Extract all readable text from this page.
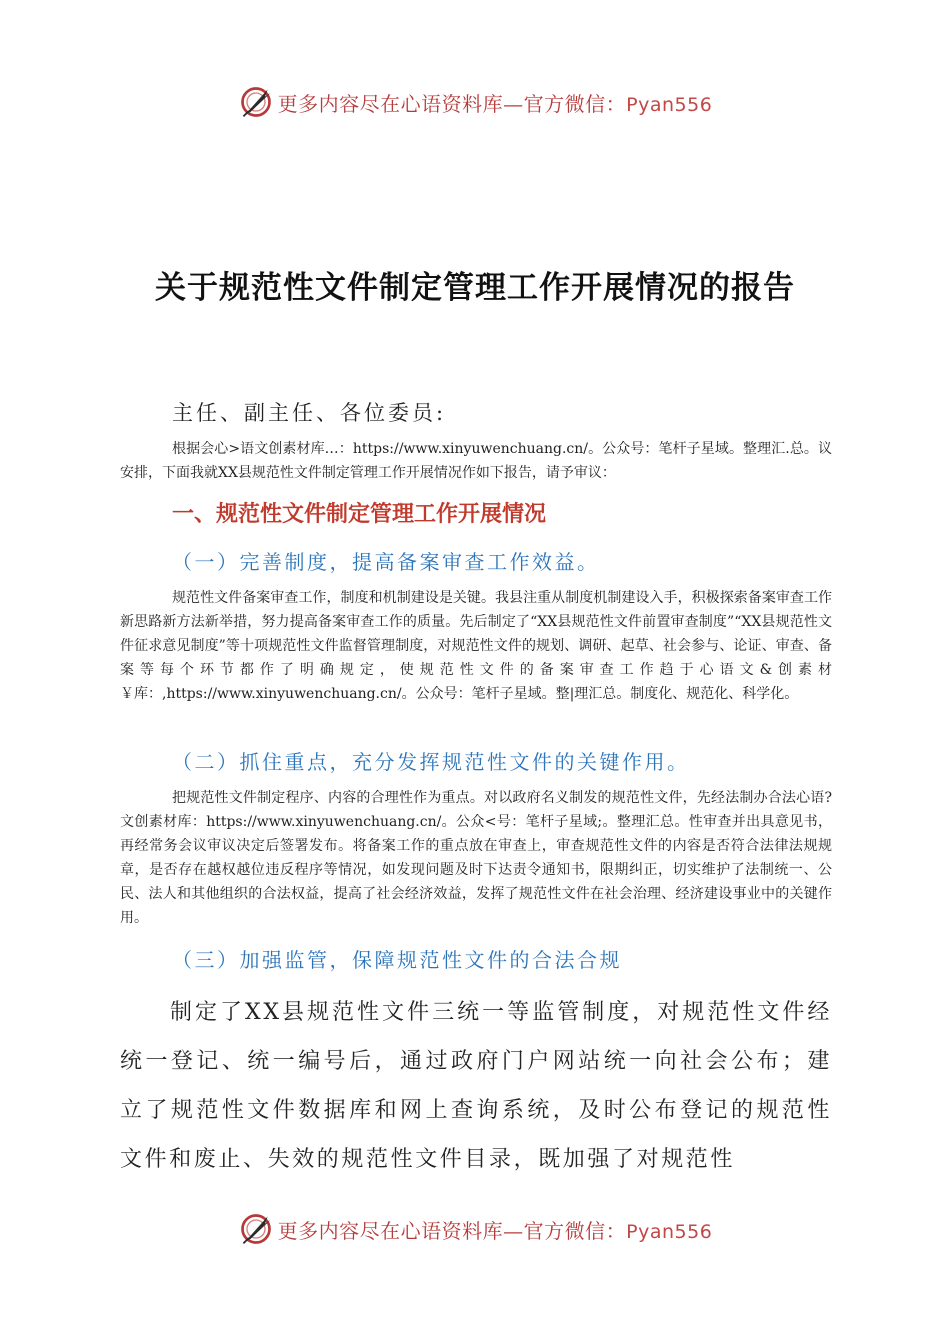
更多内容尽在心语资料库—官方微信：Pyan556
关于规范性文件制定管理工作开展情况的报告
主任、副主任、各位委员:
根据会心>语文创素材库…：https://www.xinyuwenchuang.cn/。公众号：笔杆子星域。整理汇.总。议安排，下面我就XX县规范性文件制定管理工作开展情况作如下报告，请予审议：
一、规范性文件制定管理工作开展情况
（一）完善制度，提高备案审查工作效益。
规范性文件备案审查工作，制度和机制建设是关键。我县注重从制度机制建设入手，积极探索备案审查工作新思路新方法新举措，努力提高备案审查工作的质量。先后制定了“XX县规范性文件前置审查制度”“XX县规范性文件征求意见制度”等十项规范性文件监督管理制度，对规范性文件的规划、调研、起草、社会参与、论证、审查、备案等每个环节都作了明确规定，使规范性文件的备案审查工作趋于心语文&创素材￥库：,https://www.xinyuwenchuang.cn/。公众号：笔杆子星域。整|理汇总。制度化、规范化、科学化。
（二）抓住重点，充分发挥规范性文件的关键作用。
把规范性文件制定程序、内容的合理性作为重点。对以政府名义制发的规范性文件，先经法制办合法心语?文创素材库：https://www.xinyuwenchuang.cn/。公众<号：笔杆子星域;。整理汇总。性审查并出具意见书，再经常务会议审议决定后签署发布。将备案工作的重点放在审查上，审查规范性文件的内容是否符合法律法规规章，是否存在越权越位违反程序等情况，如发现问题及时下达责令通知书，限期纠正，切实维护了法制统一、公民、法人和其他组织的合法权益，提高了社会经济效益，发挥了规范性文件在社会治理、经济建设事业中的关键作用。
（三）加强监管，保障规范性文件的合法合规
制定了XX县规范性文件三统一等监管制度，对规范性文件经统一登记、统一编号后，通过政府门户网站统一向社会公布；建立了规范性文件数据库和网上查询系统，及时公布登记的规范性文件和废止、失效的规范性文件目录，既加强了对规范性
更多内容尽在心语资料库—官方微信：Pyan556
